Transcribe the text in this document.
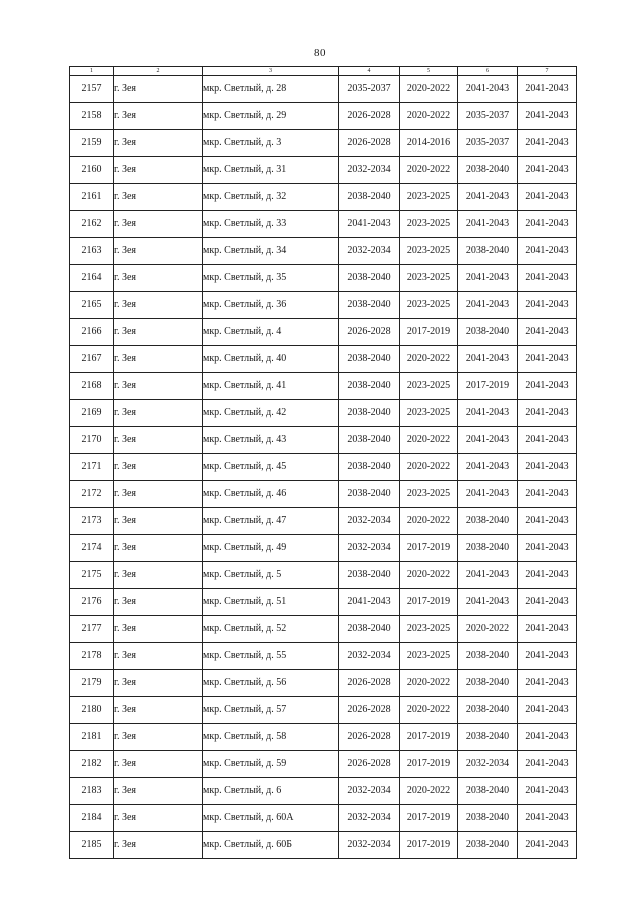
80
1	2	3	4	5	6	7
2157	г. Зея	мкр. Светлый, д. 28	2035-2037	2020-2022	2041-2043	2041-2043
2158	г. Зея	мкр. Светлый, д. 29	2026-2028	2020-2022	2035-2037	2041-2043
2159	г. Зея	мкр. Светлый, д. 3	2026-2028	2014-2016	2035-2037	2041-2043
2160	г. Зея	мкр. Светлый, д. 31	2032-2034	2020-2022	2038-2040	2041-2043
2161	г. Зея	мкр. Светлый, д. 32	2038-2040	2023-2025	2041-2043	2041-2043
2162	г. Зея	мкр. Светлый, д. 33	2041-2043	2023-2025	2041-2043	2041-2043
2163	г. Зея	мкр. Светлый, д. 34	2032-2034	2023-2025	2038-2040	2041-2043
2164	г. Зея	мкр. Светлый, д. 35	2038-2040	2023-2025	2041-2043	2041-2043
2165	г. Зея	мкр. Светлый, д. 36	2038-2040	2023-2025	2041-2043	2041-2043
2166	г. Зея	мкр. Светлый, д. 4	2026-2028	2017-2019	2038-2040	2041-2043
2167	г. Зея	мкр. Светлый, д. 40	2038-2040	2020-2022	2041-2043	2041-2043
2168	г. Зея	мкр. Светлый, д. 41	2038-2040	2023-2025	2017-2019	2041-2043
2169	г. Зея	мкр. Светлый, д. 42	2038-2040	2023-2025	2041-2043	2041-2043
2170	г. Зея	мкр. Светлый, д. 43	2038-2040	2020-2022	2041-2043	2041-2043
2171	г. Зея	мкр. Светлый, д. 45	2038-2040	2020-2022	2041-2043	2041-2043
2172	г. Зея	мкр. Светлый, д. 46	2038-2040	2023-2025	2041-2043	2041-2043
2173	г. Зея	мкр. Светлый, д. 47	2032-2034	2020-2022	2038-2040	2041-2043
2174	г. Зея	мкр. Светлый, д. 49	2032-2034	2017-2019	2038-2040	2041-2043
2175	г. Зея	мкр. Светлый, д. 5	2038-2040	2020-2022	2041-2043	2041-2043
2176	г. Зея	мкр. Светлый, д. 51	2041-2043	2017-2019	2041-2043	2041-2043
2177	г. Зея	мкр. Светлый, д. 52	2038-2040	2023-2025	2020-2022	2041-2043
2178	г. Зея	мкр. Светлый, д. 55	2032-2034	2023-2025	2038-2040	2041-2043
2179	г. Зея	мкр. Светлый, д. 56	2026-2028	2020-2022	2038-2040	2041-2043
2180	г. Зея	мкр. Светлый, д. 57	2026-2028	2020-2022	2038-2040	2041-2043
2181	г. Зея	мкр. Светлый, д. 58	2026-2028	2017-2019	2038-2040	2041-2043
2182	г. Зея	мкр. Светлый, д. 59	2026-2028	2017-2019	2032-2034	2041-2043
2183	г. Зея	мкр. Светлый, д. 6	2032-2034	2020-2022	2038-2040	2041-2043
2184	г. Зея	мкр. Светлый, д. 60А	2032-2034	2017-2019	2038-2040	2041-2043
2185	г. Зея	мкр. Светлый, д. 60Б	2032-2034	2017-2019	2038-2040	2041-2043
